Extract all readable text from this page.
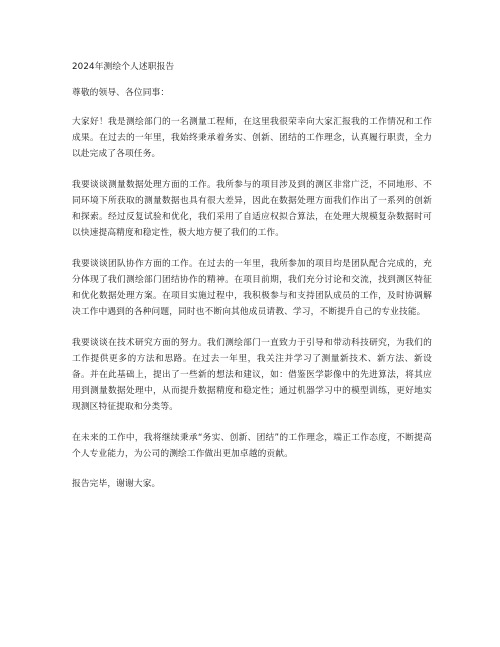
2024年测绘个人述职报告
尊敬的领导、各位同事：

大家好！我是测绘部门的一名测量工程师，在这里我很荣幸向大家汇报我的工作情况和工作成果。在过去的一年里，我始终秉承着务实、创新、团结的工作理念，认真履行职责，全力以赴完成了各项任务。

我要谈谈测量数据处理方面的工作。我所参与的项目涉及到的测区非常广泛，不同地形、不同环境下所获取的测量数据也具有很大差异，因此在数据处理方面我们作出了一系列的创新和探索。经过反复试验和优化，我们采用了自适应权拟合算法，在处理大规模复杂数据时可以快速提高精度和稳定性，极大地方便了我们的工作。

我要谈谈团队协作方面的工作。在过去的一年里，我所参加的项目均是团队配合完成的，充分体现了我们测绘部门团结协作的精神。在项目前期，我们充分讨论和交流，找到测区特征和优化数据处理方案。在项目实施过程中，我积极参与和支持团队成员的工作，及时协调解决工作中遇到的各种问题，同时也不断向其他成员请教、学习，不断提升自己的专业技能。

我要谈谈在技术研究方面的努力。我们测绘部门一直致力于引导和带动科技研究，为我们的工作提供更多的方法和思路。在过去一年里，我关注并学习了测量新技术、新方法、新设备。并在此基础上，提出了一些新的想法和建议，如：借鉴医学影像中的先进算法，将其应用到测量数据处理中，从而提升数据精度和稳定性；通过机器学习中的模型训练，更好地实现测区特征提取和分类等。

在未来的工作中，我将继续秉承“务实、创新、团结”的工作理念，端正工作态度，不断提高个人专业能力，为公司的测绘工作做出更加卓越的贡献。

报告完毕，谢谢大家。
